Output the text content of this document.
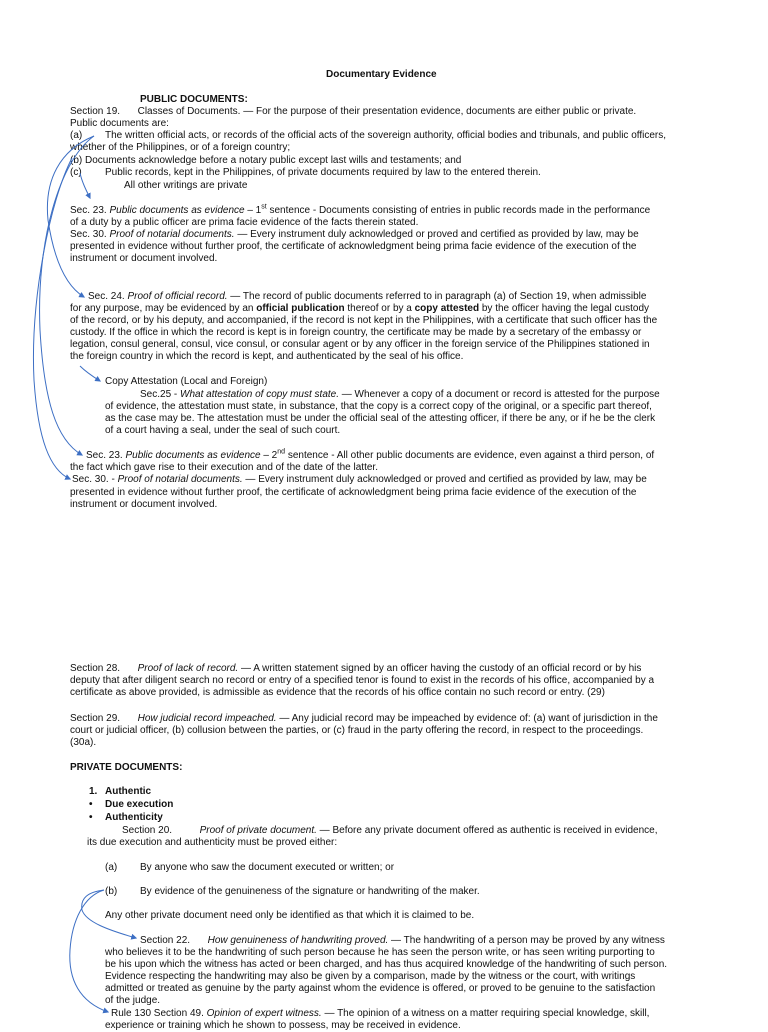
Documentary Evidence
PUBLIC DOCUMENTS:
Section 19. Classes of Documents. — For the purpose of their presentation evidence, documents are either public or private.
Public documents are:
(a) The written official acts, or records of the official acts of the sovereign authority, official bodies and tribunals, and public officers,
whether of the Philippines, or of a foreign country;
(b) Documents acknowledge before a notary public except last wills and testaments; and
(c) Public records, kept in the Philippines, of private documents required by law to the entered therein.
All other writings are private
Sec. 23. Public documents as evidence – 1st sentence - Documents consisting of entries in public records made in the performance
of a duty by a public officer are prima facie evidence of the facts therein stated.
Sec. 30. Proof of notarial documents. — Every instrument duly acknowledged or proved and certified as provided by law, may be
presented in evidence without further proof, the certificate of acknowledgment being prima facie evidence of the execution of the
instrument or document involved.
Sec. 24. Proof of official record. — The record of public documents referred to in paragraph (a) of Section 19, when admissible
for any purpose, may be evidenced by an official publication thereof or by a copy attested by the officer having the legal custody
of the record, or by his deputy, and accompanied, if the record is not kept in the Philippines, with a certificate that such officer has the
custody. If the office in which the record is kept is in foreign country, the certificate may be made by a secretary of the embassy or
legation, consul general, consul, vice consul, or consular agent or by any officer in the foreign service of the Philippines stationed in
the foreign country in which the record is kept, and authenticated by the seal of his office.
Copy Attestation (Local and Foreign)
Sec.25 - What attestation of copy must state. — Whenever a copy of a document or record is attested for the purpose
of evidence, the attestation must state, in substance, that the copy is a correct copy of the original, or a specific part thereof,
as the case may be. The attestation must be under the official seal of the attesting officer, if there be any, or if he be the clerk
of a court having a seal, under the seal of such court.
Sec. 23. Public documents as evidence – 2nd sentence - All other public documents are evidence, even against a third person, of
the fact which gave rise to their execution and of the date of the latter.
Sec. 30. - Proof of notarial documents. — Every instrument duly acknowledged or proved and certified as provided by law, may be
presented in evidence without further proof, the certificate of acknowledgment being prima facie evidence of the execution of the
instrument or document involved.
Section 28. Proof of lack of record. — A written statement signed by an officer having the custody of an official record or by his
deputy that after diligent search no record or entry of a specified tenor is found to exist in the records of his office, accompanied by a
certificate as above provided, is admissible as evidence that the records of his office contain no such record or entry. (29)
Section 29. How judicial record impeached. — Any judicial record may be impeached by evidence of: (a) want of jurisdiction in the
court or judicial officer, (b) collusion between the parties, or (c) fraud in the party offering the record, in respect to the proceedings.
(30a).
PRIVATE DOCUMENTS:
1. Authentic
• Due execution
• Authenticity
Section 20.	Proof of private document. — Before any private document offered as authentic is received in evidence,
its due execution and authenticity must be proved either:
(a) By anyone who saw the document executed or written; or
(b) By evidence of the genuineness of the signature or handwriting of the maker.
Any other private document need only be identified as that which it is claimed to be.
Section 22. How genuineness of handwriting proved. — The handwriting of a person may be proved by any witness
who believes it to be the handwriting of such person because he has seen the person write, or has seen writing purporting to
be his upon which the witness has acted or been charged, and has thus acquired knowledge of the handwriting of such person.
Evidence respecting the handwriting may also be given by a comparison, made by the witness or the court, with writings
admitted or treated as genuine by the party against whom the evidence is offered, or proved to be genuine to the satisfaction
of the judge.
Rule 130 Section 49. Opinion of expert witness. — The opinion of a witness on a matter requiring special knowledge, skill,
experience or training which he shown to possess, may be received in evidence.
